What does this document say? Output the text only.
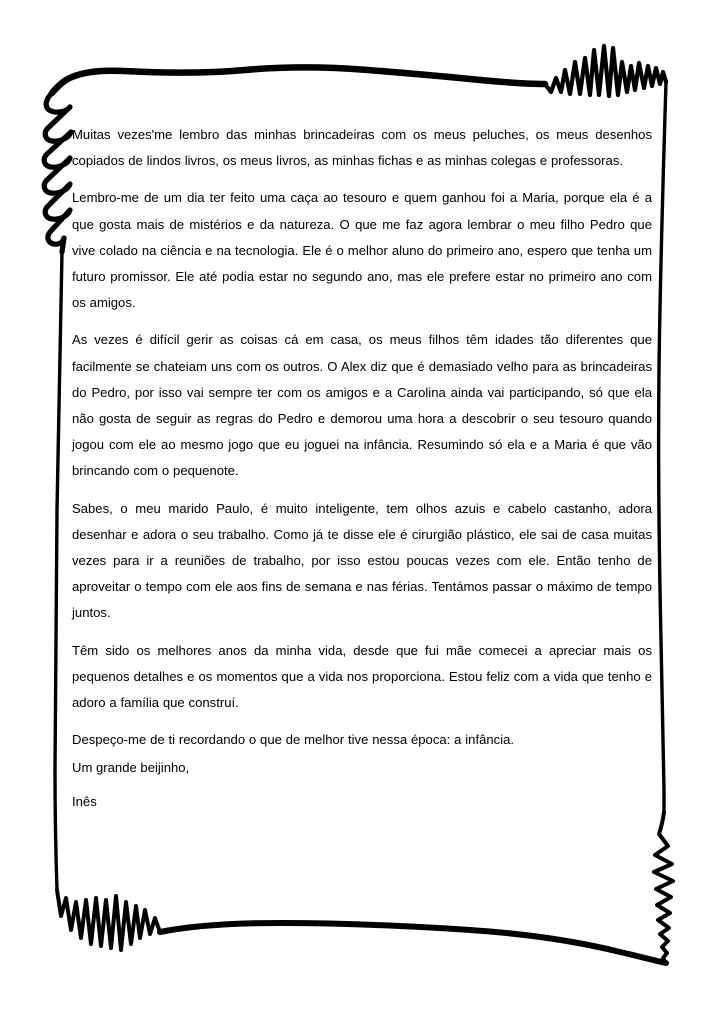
Muitas vezes'me lembro das minhas brincadeiras com os meus peluches, os meus desenhos copiados de lindos livros, os meus livros, as minhas fichas e as minhas colegas e professoras.

Lembro-me de um dia ter feito uma caça ao tesouro e quem ganhou foi a Maria, porque ela é a que gosta mais de mistérios e da natureza. O que me faz agora lembrar o meu filho Pedro que vive colado na ciência e na tecnologia. Ele é o melhor aluno do primeiro ano, espero que tenha um futuro promissor. Ele até podia estar no segundo ano, mas ele prefere estar no primeiro ano com os amigos.

As vezes é difícil gerir as coisas cá em casa, os meus filhos têm idades tão diferentes que facilmente se chateiam uns com os outros. O Alex diz que é demasiado velho para as brincadeiras do Pedro, por isso vai sempre ter com os amigos e a Carolina ainda vai participando, só que ela não gosta de seguir as regras do Pedro e demorou uma hora a descobrir o seu tesouro quando jogou com ele ao mesmo jogo que eu joguei na infância. Resumindo só ela e a Maria é que vão brincando com o pequenote.

Sabes, o meu marido Paulo, é muito inteligente, tem olhos azuis e cabelo castanho, adora desenhar e adora o seu trabalho. Como já te disse ele é cirurgião plástico, ele sai de casa muitas vezes para ir a reuniões de trabalho, por isso estou poucas vezes com ele. Então tenho de aproveitar o tempo com ele aos fins de semana e nas férias. Tentámos passar o máximo de tempo juntos.

Têm sido os melhores anos da minha vida, desde que fui mãe comecei a apreciar mais os pequenos detalhes e os momentos que a vida nos proporciona. Estou feliz com a vida que tenho e adoro a família que construí.

Despeço-me de ti recordando o que de melhor tive nessa época: a infância.

Um grande beijinho,

Inês
